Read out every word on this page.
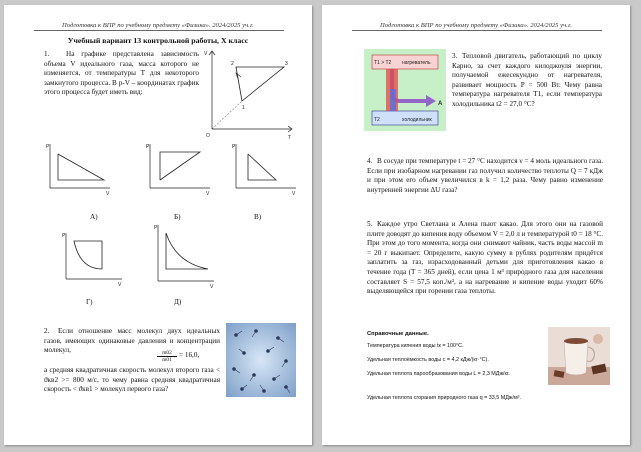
Подготовка к ВПР по учебному предмету «Физика». 2024/2025 уч.г.
Учебный вариант 13 контрольной работы, Х класс
1.	На графике представлена зависимость объема V идеального газа, масса которого не изменяется, от температуры Т для некоторого замкнутого процесса. В p-V – координатах график этого процесса будет иметь вид:
V
T
O
1
2	3
P
V
A)
P
V
Б)
P
V
В)
P
V
Г)
P
V
Д)
2.	Если отношение масс молекул двух идеальных газов, имеющих одинаковые давления и концентрации молекул,	$\frac{m02}{m01} = 16,0$,
а средняя квадратичная скорость молекул второго газа < ϑкв2 >= 800 м/с, то чему равна средняя квадратичная скорость < ϑкв1 > молекул первого газа?
Подготовка к ВПР по учебному предмету «Физика». 2024/2025 уч.г.
T1 > T2 нагреватель
T2	холодильник
A
3. Тепловой двигатель, работающий по циклу Карно, за счет каждого килоджоуля энергии, получаемой ежесекундно от нагревателя, развивает мощность P = 500 Вт. Чему равна температура нагревателя T1, если температура холодильника t2 = 27,0 °С?
4. В сосуде при температуре t = 27 °С находится ν = 4 моль идеального газа. Если при изобарном нагревании газ получил количество теплоты Q = 7 кДж и при этом его объем увеличился в k = 1,2 раза. Чему равно изменение внутренней энергии ΔU газа?
5. Каждое утро Светлана и Алена пьют какао. Для этого они на газовой плите доводят до кипения воду объемом V = 2,0 л и температурой t0 = 18 °С. При этом до того момента, когда они снимают чайник, часть воды массой m = 20 г выкипает. Определите, какую сумму в рублях родителям придётся заплатить за газ, израсходованный детьми для приготовления какао в течение года (T = 365 дней), если цена 1 м³ природного газа для населения составляет S = 57,5 коп./м³, а на нагревание и кипение воды уходит 60% выделяющейся при горении газа теплоты.
Справочные данные.
Температура кипения воды tк = 100°С.
Удельная теплоёмкость воды c = 4,2 кДж/(кг·°С).
Удельная теплота парообразования воды L = 2,3 МДж/кг.
Удельная теплота сгорания природного газа q = 33,5 МДж/м³.
